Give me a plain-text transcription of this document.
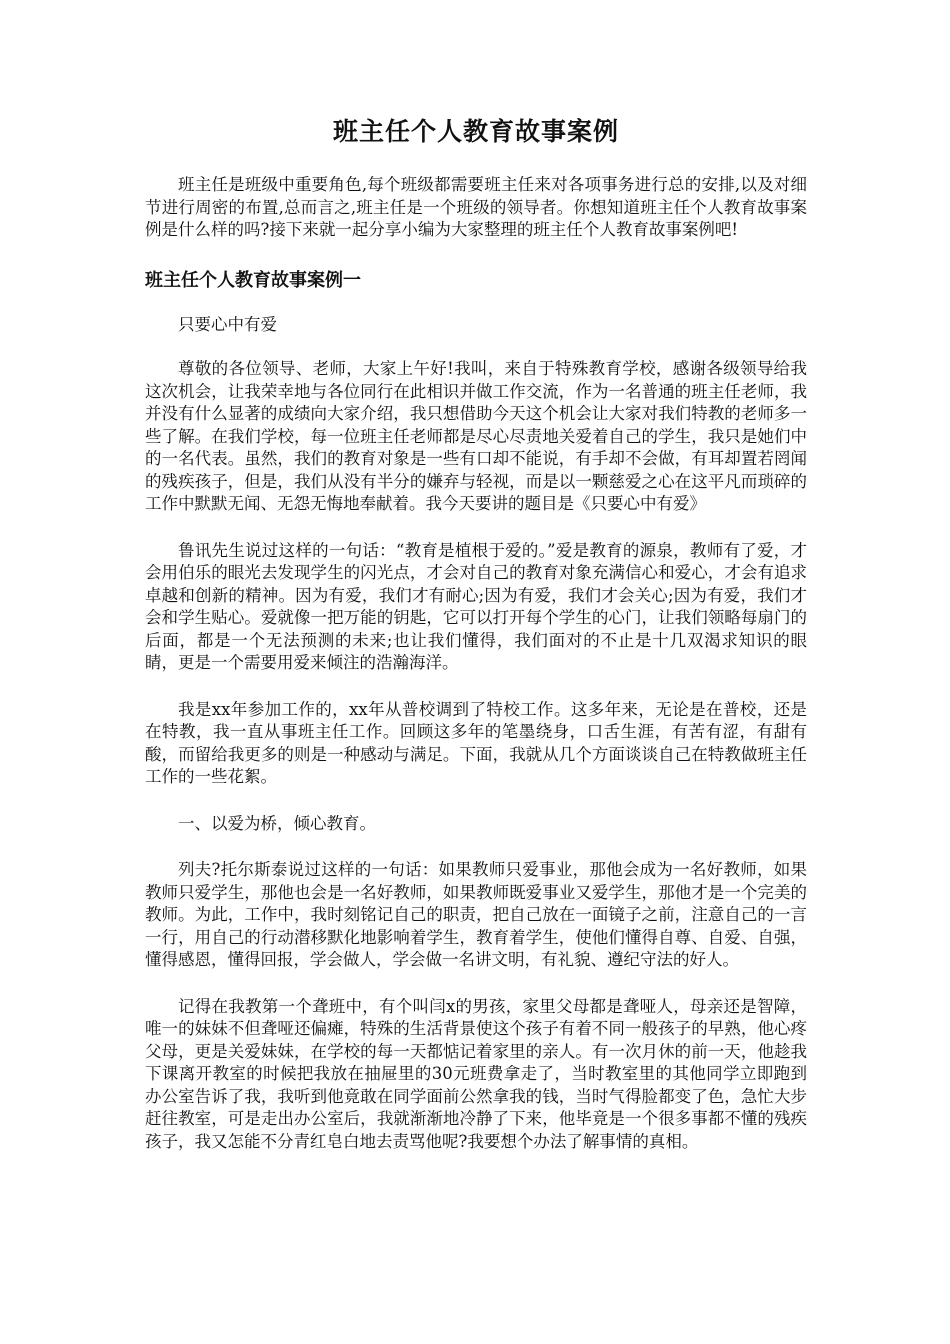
班主任个人教育故事案例

班主任是班级中重要角色,每个班级都需要班主任来对各项事务进行总的安排,以及对细节进行周密的布置,总而言之,班主任是一个班级的领导者。你想知道班主任个人教育故事案例是什么样的吗?接下来就一起分享小编为大家整理的班主任个人教育故事案例吧!

班主任个人教育故事案例一

只要心中有爱

尊敬的各位领导、老师，大家上午好!我叫，来自于特殊教育学校，感谢各级领导给我这次机会，让我荣幸地与各位同行在此相识并做工作交流，作为一名普通的班主任老师，我并没有什么显著的成绩向大家介绍，我只想借助今天这个机会让大家对我们特教的老师多一些了解。在我们学校，每一位班主任老师都是尽心尽责地关爱着自己的学生，我只是她们中的一名代表。虽然，我们的教育对象是一些有口却不能说，有手却不会做，有耳却置若罔闻的残疾孩子，但是，我们从没有半分的嫌弃与轻视，而是以一颗慈爱之心在这平凡而琐碎的工作中默默无闻、无怨无悔地奉献着。我今天要讲的题目是《只要心中有爱》

鲁讯先生说过这样的一句话：“教育是植根于爱的。”爱是教育的源泉，教师有了爱，才会用伯乐的眼光去发现学生的闪光点，才会对自己的教育对象充满信心和爱心，才会有追求卓越和创新的精神。因为有爱，我们才有耐心;因为有爱，我们才会关心;因为有爱，我们才会和学生贴心。爱就像一把万能的钥匙，它可以打开每个学生的心门，让我们领略每扇门的后面，都是一个无法预测的未来;也让我们懂得，我们面对的不止是十几双渴求知识的眼睛，更是一个需要用爱来倾注的浩瀚海洋。

我是xx年参加工作的，xx年从普校调到了特校工作。这多年来，无论是在普校，还是在特教，我一直从事班主任工作。回顾这多年的笔墨绕身，口舌生涯，有苦有涩，有甜有酸，而留给我更多的则是一种感动与满足。下面，我就从几个方面谈谈自己在特教做班主任工作的一些花絮。

一、以爱为桥，倾心教育。

列夫?托尔斯泰说过这样的一句话：如果教师只爱事业，那他会成为一名好教师，如果教师只爱学生，那他也会是一名好教师，如果教师既爱事业又爱学生，那他才是一个完美的教师。为此，工作中，我时刻铭记自己的职责，把自己放在一面镜子之前，注意自己的一言一行，用自己的行动潜移默化地影响着学生，教育着学生，使他们懂得自尊、自爱、自强，懂得感恩，懂得回报，学会做人，学会做一名讲文明，有礼貌、遵纪守法的好人。

记得在我教第一个聋班中，有个叫闫x的男孩，家里父母都是聋哑人，母亲还是智障，唯一的妹妹不但聋哑还偏瘫，特殊的生活背景使这个孩子有着不同一般孩子的早熟，他心疼父母，更是关爱妹妹，在学校的每一天都惦记着家里的亲人。有一次月休的前一天，他趁我下课离开教室的时候把我放在抽屉里的30元班费拿走了，当时教室里的其他同学立即跑到办公室告诉了我，我听到他竟敢在同学面前公然拿我的钱，当时气得脸都变了色，急忙大步赶往教室，可是走出办公室后，我就渐渐地冷静了下来，他毕竟是一个很多事都不懂的残疾孩子，我又怎能不分青红皂白地去责骂他呢?我要想个办法了解事情的真相。
